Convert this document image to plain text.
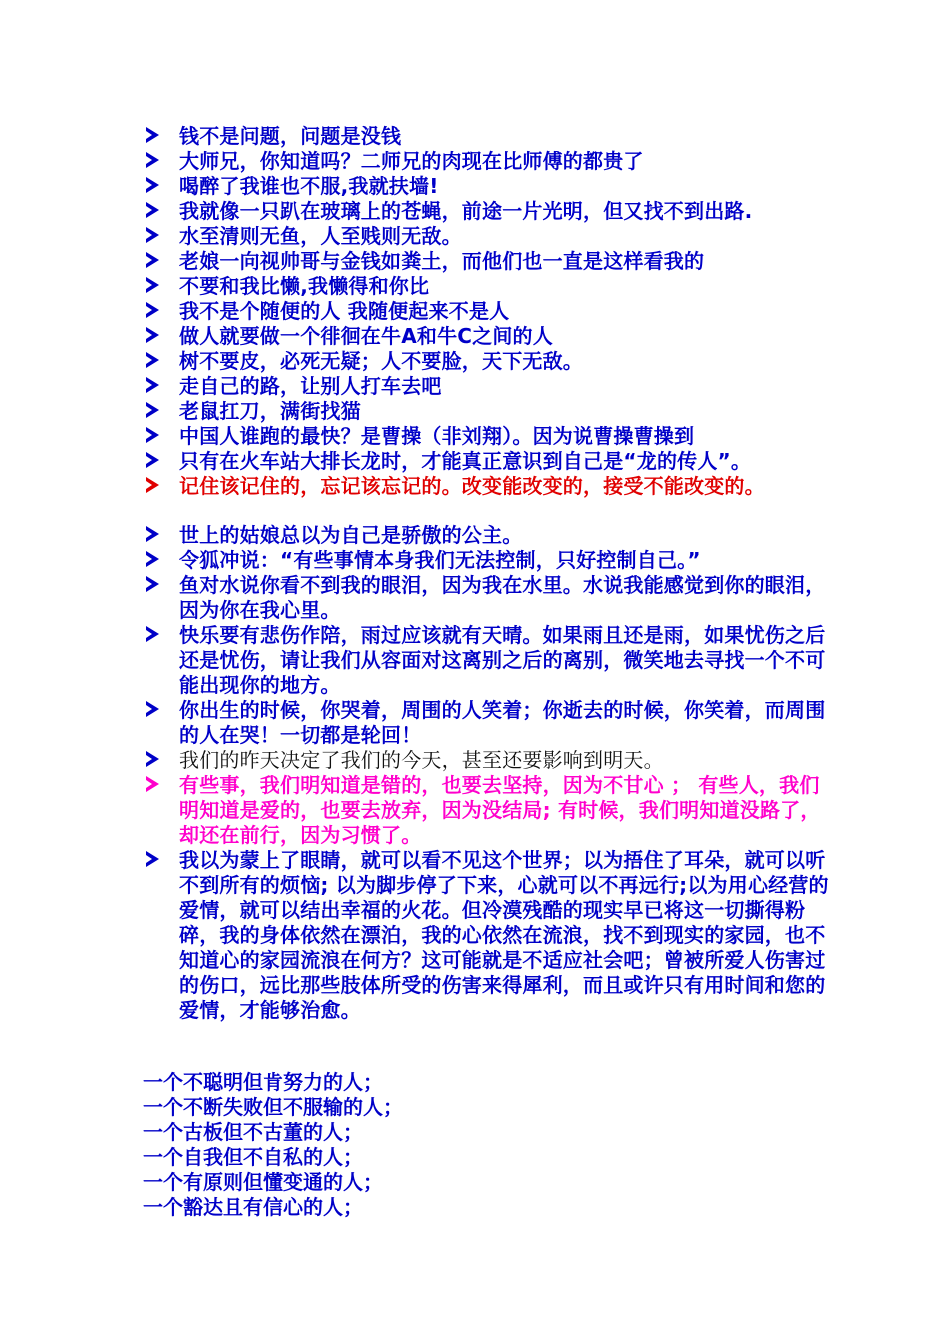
钱不是问题，问题是没钱
大师兄，你知道吗？二师兄的肉现在比师傅的都贵了
喝醉了我谁也不服,我就扶墙!
我就像一只趴在玻璃上的苍蝇，前途一片光明，但又找不到出路.
水至清则无鱼，人至贱则无敌。
老娘一向视帅哥与金钱如粪土，而他们也一直是这样看我的
不要和我比懒,我懒得和你比
我不是个随便的人 我随便起来不是人
做人就要做一个徘徊在牛A和牛C之间的人
树不要皮，必死无疑；人不要脸，天下无敌。
走自己的路，让别人打车去吧
老鼠扛刀，满街找猫
中国人谁跑的最快？是曹操（非刘翔）。因为说曹操曹操到
只有在火车站大排长龙时，才能真正意识到自己是“龙的传人”。
记住该记住的，忘记该忘记的。改变能改变的，接受不能改变的。
世上的姑娘总以为自己是骄傲的公主。
令狐冲说：“有些事情本身我们无法控制，只好控制自己。”
鱼对水说你看不到我的眼泪，因为我在水里。水说我能感觉到你的眼泪，因为你在我心里。
快乐要有悲伤作陪，雨过应该就有天晴。如果雨且还是雨，如果忧伤之后还是忧伤，请让我们从容面对这离别之后的离别，微笑地去寻找一个不可能出现你的地方。
你出生的时候，你哭着，周围的人笑着；你逝去的时候，你笑着，而周围的人在哭！一切都是轮回！
我们的昨天决定了我们的今天，甚至还要影响到明天。
有些事，我们明知道是错的，也要去坚持，因为不甘心 ； 有些人，我们明知道是爱的，也要去放弃，因为没结局; 有时候，我们明知道没路了，却还在前行，因为习惯了。
我以为蒙上了眼睛，就可以看不见这个世界；以为捂住了耳朵，就可以听不到所有的烦恼; 以为脚步停了下来，心就可以不再远行;以为用心经营的爱情，就可以结出幸福的火花。但冷漠残酷的现实早已将这一切撕得粉碎，我的身体依然在漂泊，我的心依然在流浪，找不到现实的家园，也不知道心的家园流浪在何方？这可能就是不适应社会吧；曾被所爱人伤害过的伤口，远比那些肢体所受的伤害来得犀利，而且或许只有用时间和您的爱情，才能够治愈。
一个不聪明但肯努力的人；
一个不断失败但不服输的人；
一个古板但不古董的人；
一个自我但不自私的人；
一个有原则但懂变通的人；
一个豁达且有信心的人；
